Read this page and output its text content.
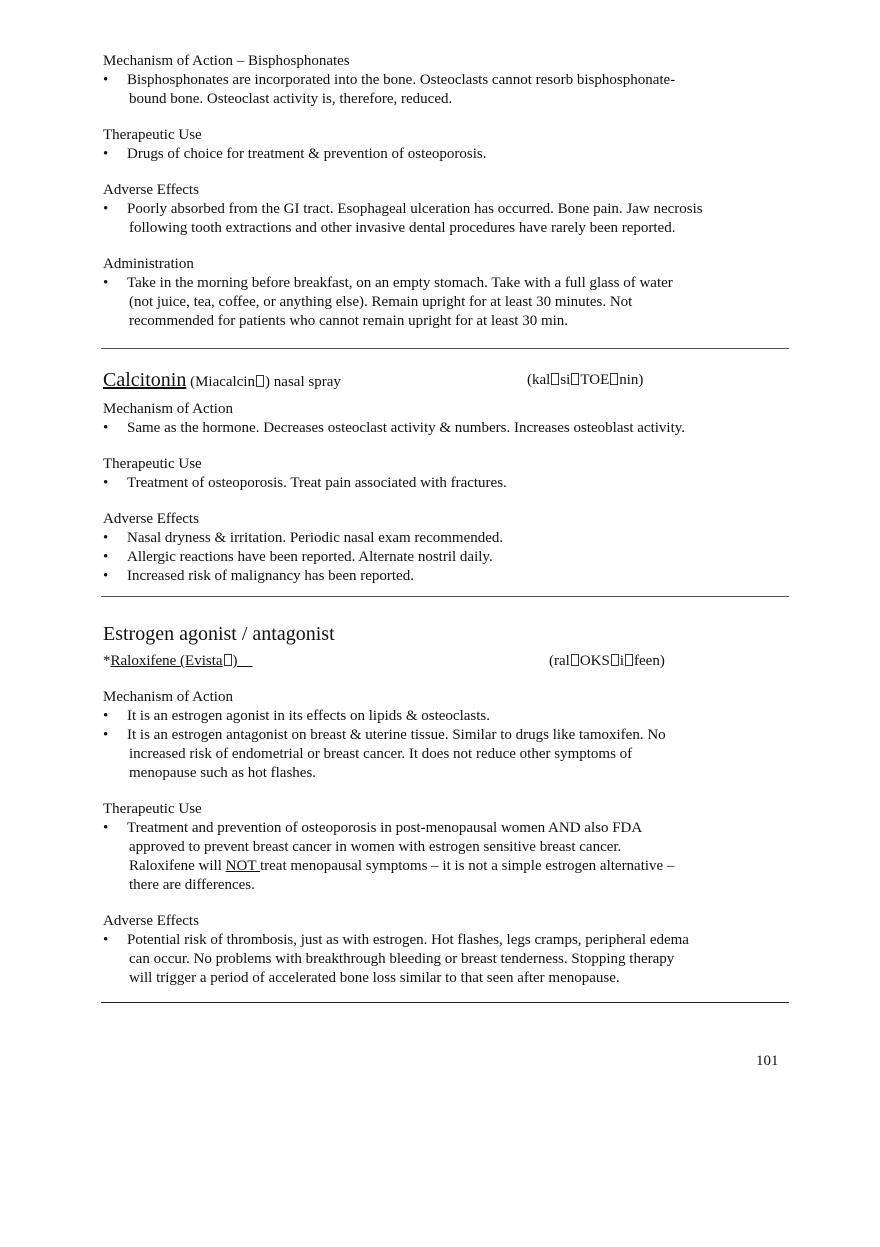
Mechanism of Action – Bisphosphonates
• Bisphosphonates are incorporated into the bone. Osteoclasts cannot resorb bisphosphonate-
bound bone. Osteoclast activity is, therefore, reduced.
Therapeutic Use
• Drugs of choice for treatment & prevention of osteoporosis.
Adverse Effects
• Poorly absorbed from the GI tract. Esophageal ulceration has occurred. Bone pain. Jaw necrosis
following tooth extractions and other invasive dental procedures have rarely been reported.
Administration
• Take in the morning before breakfast, on an empty stomach. Take with a full glass of water
(not juice, tea, coffee, or anything else). Remain upright for at least 30 minutes. Not
recommended for patients who cannot remain upright for at least 30 min.
Calcitonin (Miacalcin ) nasal spray	(kal si TOE nin)
Mechanism of Action
• Same as the hormone. Decreases osteoclast activity & numbers. Increases osteoblast activity.
Therapeutic Use
• Treatment of osteoporosis. Treat pain associated with fractures.
Adverse Effects
• Nasal dryness & irritation. Periodic nasal exam recommended.
• Allergic reactions have been reported. Alternate nostril daily.
• Increased risk of malignancy has been reported.
Estrogen agonist / antagonist
*Raloxifene (Evista )	(ral OKS i feen)
Mechanism of Action
• It is an estrogen agonist in its effects on lipids & osteoclasts.
• It is an estrogen antagonist on breast & uterine tissue. Similar to drugs like tamoxifen. No
increased risk of endometrial or breast cancer. It does not reduce other symptoms of
menopause such as hot flashes.
Therapeutic Use
• Treatment and prevention of osteoporosis in post-menopausal women AND also FDA
approved to prevent breast cancer in women with estrogen sensitive breast cancer.
Raloxifene will NOT treat menopausal symptoms – it is not a simple estrogen alternative –
there are differences.
Adverse Effects
• Potential risk of thrombosis, just as with estrogen. Hot flashes, legs cramps, peripheral edema
can occur. No problems with breakthrough bleeding or breast tenderness. Stopping therapy
will trigger a period of accelerated bone loss similar to that seen after menopause.
101
